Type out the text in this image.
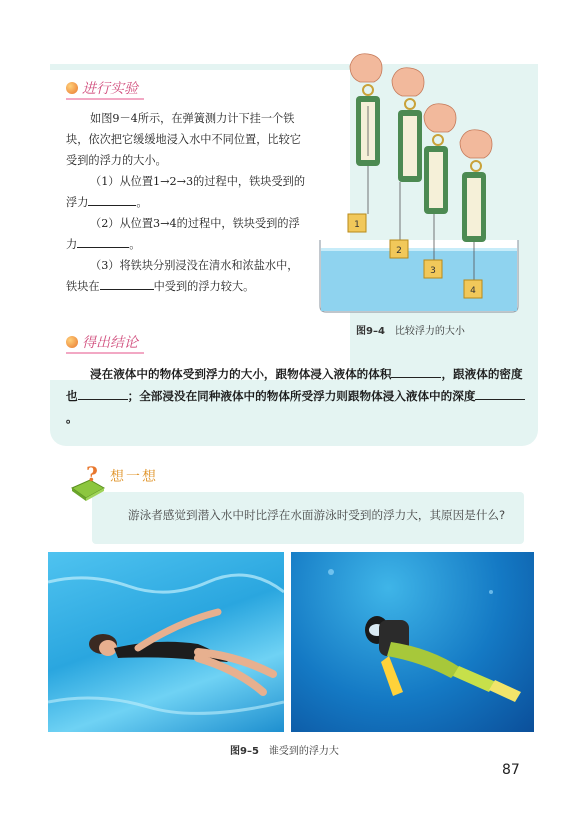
进行实验

如图9－4所示，在弹簧测力计下挂一个铁块，依次把它缓缓地浸入水中不同位置，比较它受到的浮力的大小。

（1）从位置1→2→3的过程中，铁块受到的浮力	。

（2）从位置3→4的过程中，铁块受到的浮力	。

（3）将铁块分别浸没在清水和浓盐水中，铁块在	中受到的浮力较大。

1
2
3
4
图9–4 比较浮力的大小
得出结论
浸在液体中的物体受到浮力的大小，跟物体浸入液体的体积	，跟液体的密度也	；全部浸没在同种液体中的物体所受浮力则跟物体浸入液体中的深度。
? 想一想
游泳者感觉到潜入水中时比浮在水面游泳时受到的浮力大，其原因是什么?
图9–5 谁受到的浮力大
87
